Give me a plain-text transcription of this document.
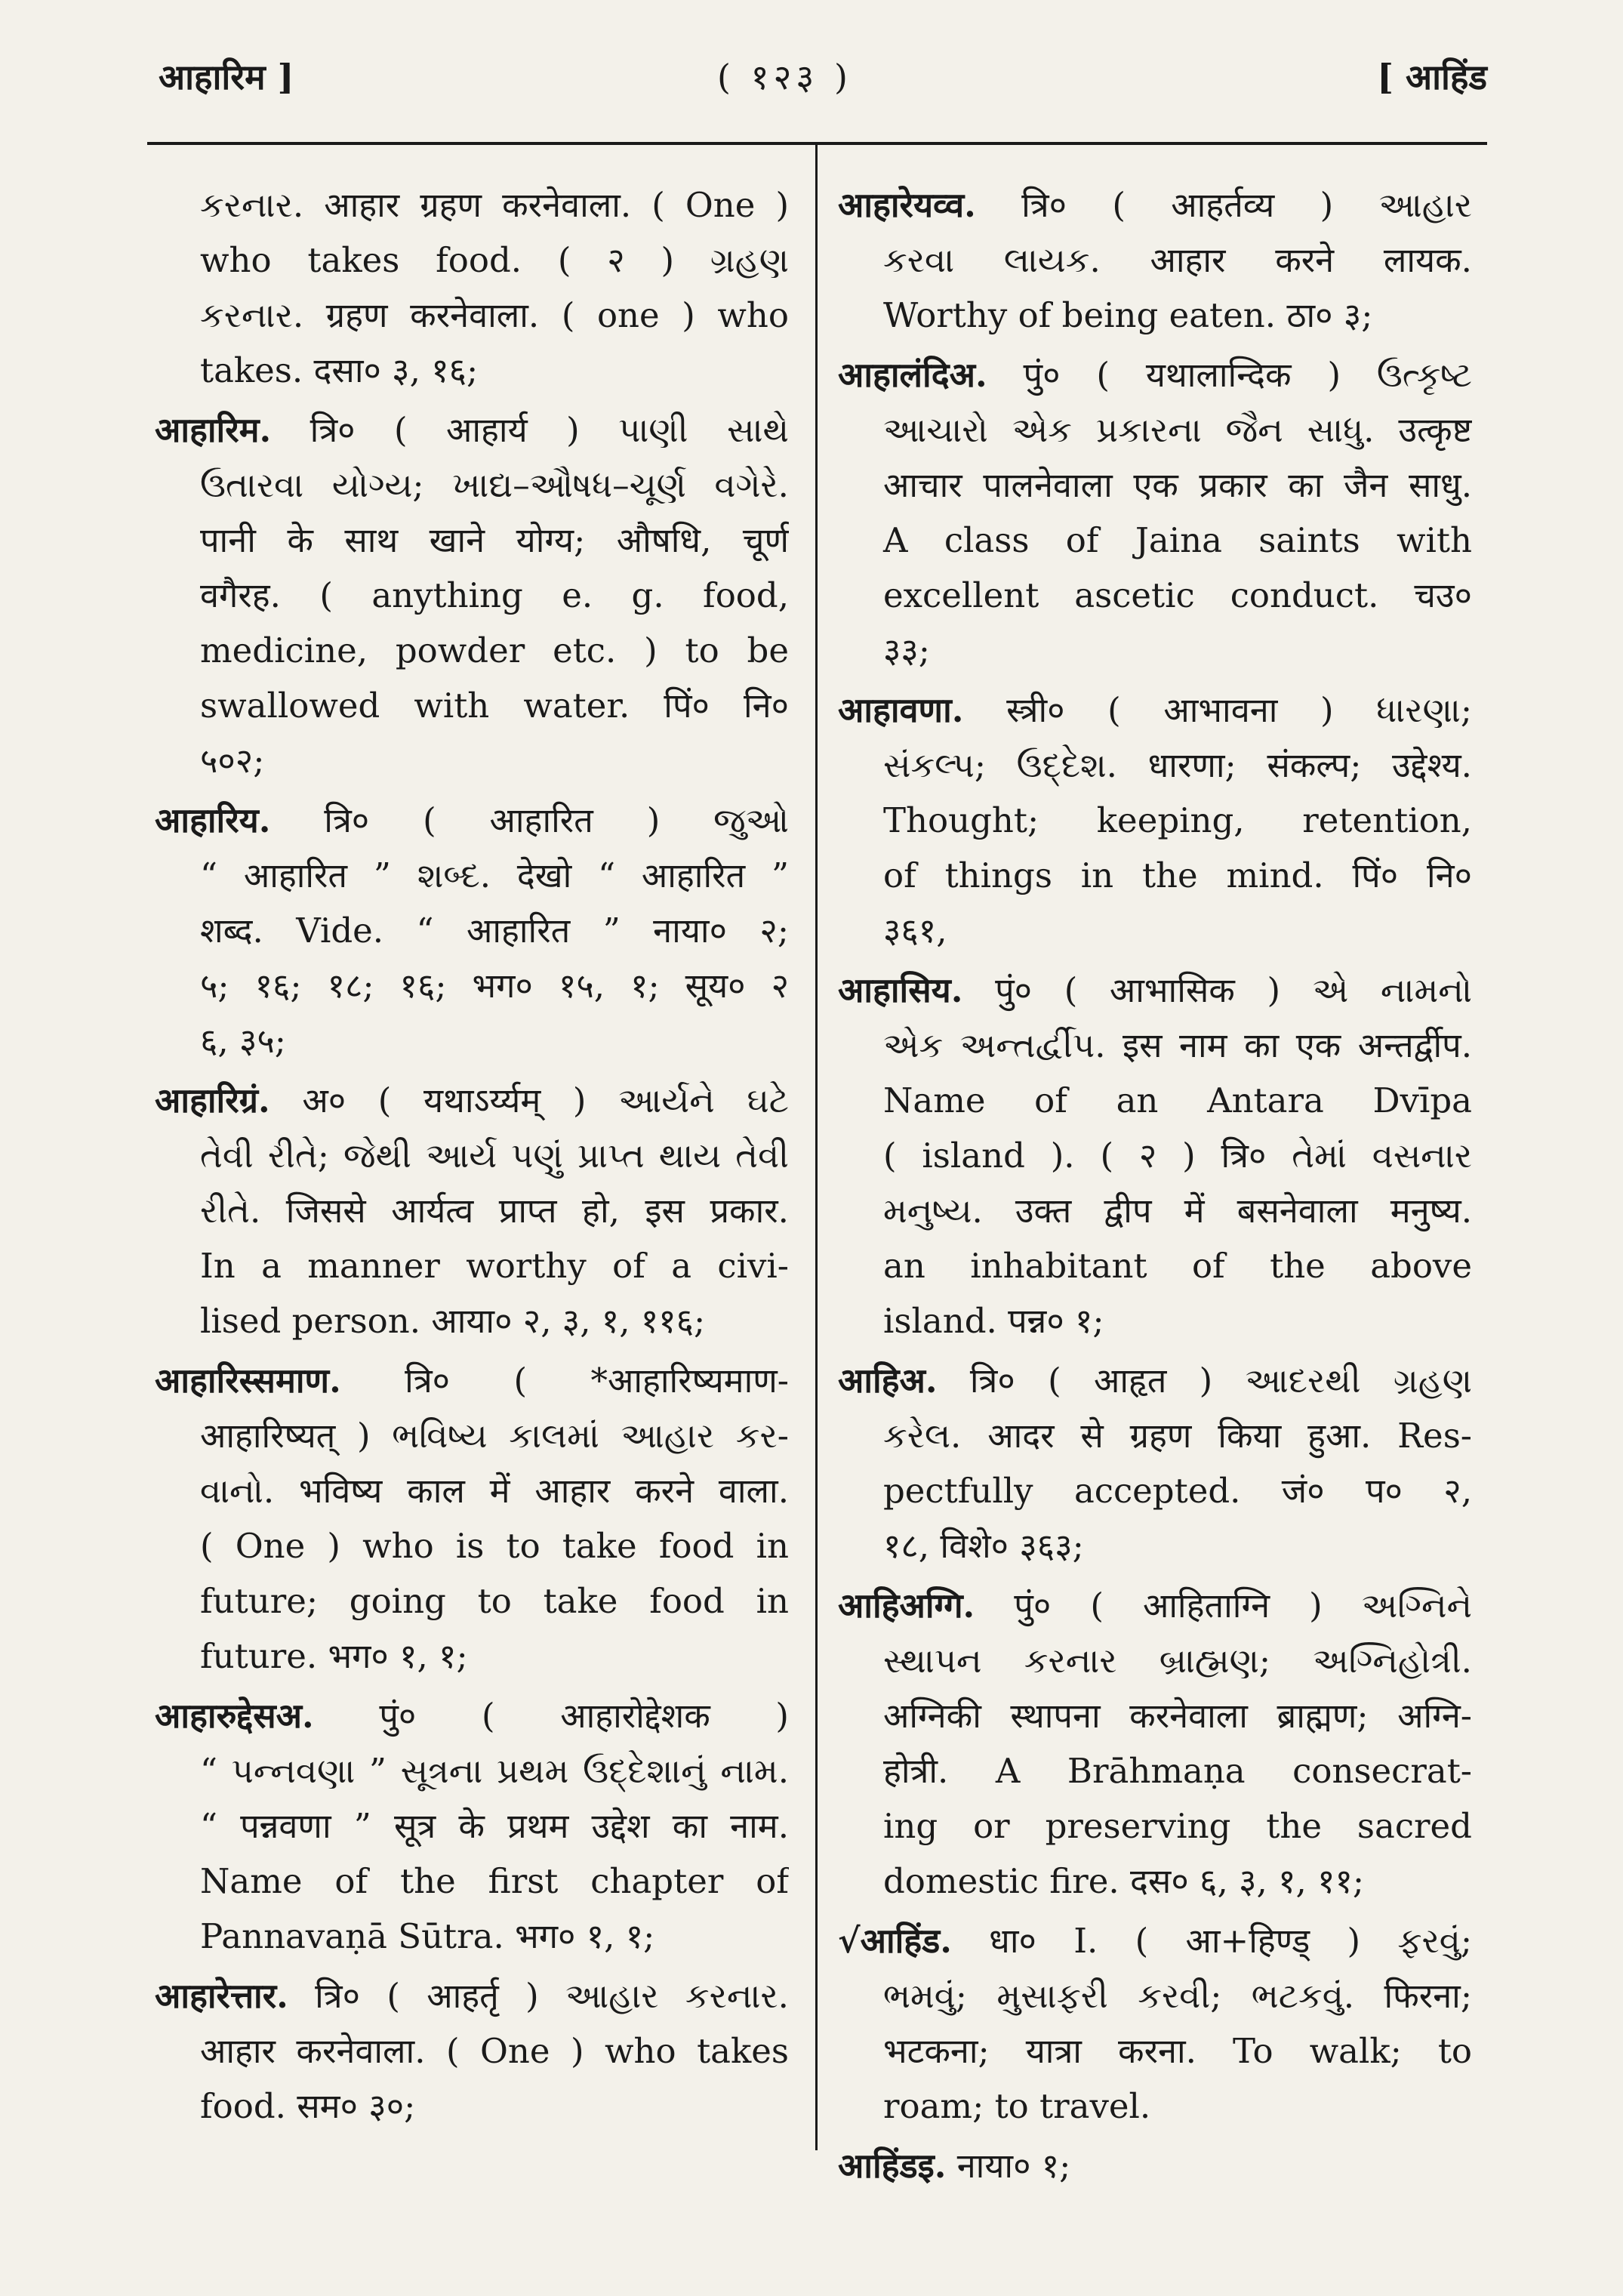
आहारिम ]	( १२३ )	[ आहिंड
કરનાર. आहार ग्रहण करनेवाला. ( One )
who takes food. ( २ ) ગ્રહણ
કરનાર. ग्रहण करनेवाला. ( one ) who
takes. दसा० ३, १६;
आहारिम. त्रि० ( आहार्य ) પાણી સાથે
ઉતારવા યોગ્ય; ખાદ્ય–ઔષધ–ચૂર્ણ વગેરે.
पानी के साथ खाने योग्य; औषधि, चूर्ण
वगैरह. ( anything e. g. food,
medicine, powder etc. ) to be
swallowed with water. पिं० नि०
५०२;
आहारिय. त्रि० ( आहारित ) જુઓ
“ आहारित ” શબ્દ. देखो “ आहारित ”
शब्द. Vide. “ आहारित ” नाया० २;
५; १६; १८; १६; भग० १५, १; सूय० २
६, ३५;
आहारिग्रं. अ० ( यथाऽर्य्यम् ) આર્યને ઘટે
તેવી રીતે; જેથી આર્ય પણું પ્રાપ્ત થાય તેવી
રીતે. जिससे आर्यत्व प्राप्त हो, इस प्रकार.
In a manner worthy of a civi-
lised person. आया० २, ३, १, ११६;
आहारिस्समाण. त्रि० ( *आहारिष्यमाण-
आहारिष्यत् ) ભવિષ્ય કાલમાં આહાર કર-
વાનો. भविष्य काल में आहार करने वाला.
( One ) who is to take food in
future; going to take food in
future. भग० १, १;
आहारुद्देसअ. पुं० ( आहारोद्देशक )
“ પન્નવણા ” સૂત્રના પ્રથમ ઉદ્દેશાનું નામ.
“ पन्नवणा ” सूत्र के प्रथम उद्देश का नाम.
Name of the first chapter of
Pannavaṇā Sūtra. भग० १, १;
आहारेत्तार. त्रि० ( आहर्तृ ) આહાર કરનાર.
आहार करनेवाला. ( One ) who takes
food. सम० ३०;
आहारेयव्व. त्रि० ( आहर्तव्य ) આહાર
કરવા લાયક. आहार करने लायक.
Worthy of being eaten. ठा० ३;
आहालंदिअ. पुं० ( यथालान्दिक ) ઉત્કૃષ્ટ
આચારો એક પ્રકારના જૈન સાધુ. उत्कृष्ट
आचार पालनेवाला एक प्रकार का जैन साधु.
A class of Jaina saints with
excellent ascetic conduct. चउ०
३३;
आहावणा. स्त्री० ( आभावना ) ધારણા;
સંકલ્પ; ઉદ્દેશ. धारणा; संकल्प; उद्देश्य.
Thought; keeping, retention,
of things in the mind. पिं० नि०
३६१,
आहासिय. पुं० ( आभासिक ) એ નામનો
એક અન્તર્દ્વીપ. इस नाम का एक अन्तर्द्वीप.
Name of an Antara Dvīpa
( island ). ( २ ) त्रि० તેમાં વસનાર
મનુષ્ય. उक्त द्वीप में बसनेवाला मनुष्य.
an inhabitant of the above
island. पन्न० १;
आहिअ. त्रि० ( आहृत ) આદરથી ગ્રહણ
કરેલ. आदर से ग्रहण किया हुआ. Res-
pectfully accepted. जं० प० २,
१८, विशे० ३६३;
आहिअग्गि. पुं० ( आहिताग्नि ) અગ્નિને
સ્થાપન કરનાર બ્રાહ્મણ; અગ્નિહોત્રી.
अग्निकी स्थापना करनेवाला ब्राह्मण; अग्नि-
होत्री. A Brāhmaṇa consecrat-
ing or preserving the sacred
domestic fire. दस० ६, ३, १, ११;
√आहिंड. धा० I. ( आ+हिण्ड् ) ફરવું;
ભમવું; મુસાફરી કરવી; ભટકવું. फिरना;
भटकना; यात्रा करना. To walk; to
roam; to travel.
आहिंडइ. नाया० १;
